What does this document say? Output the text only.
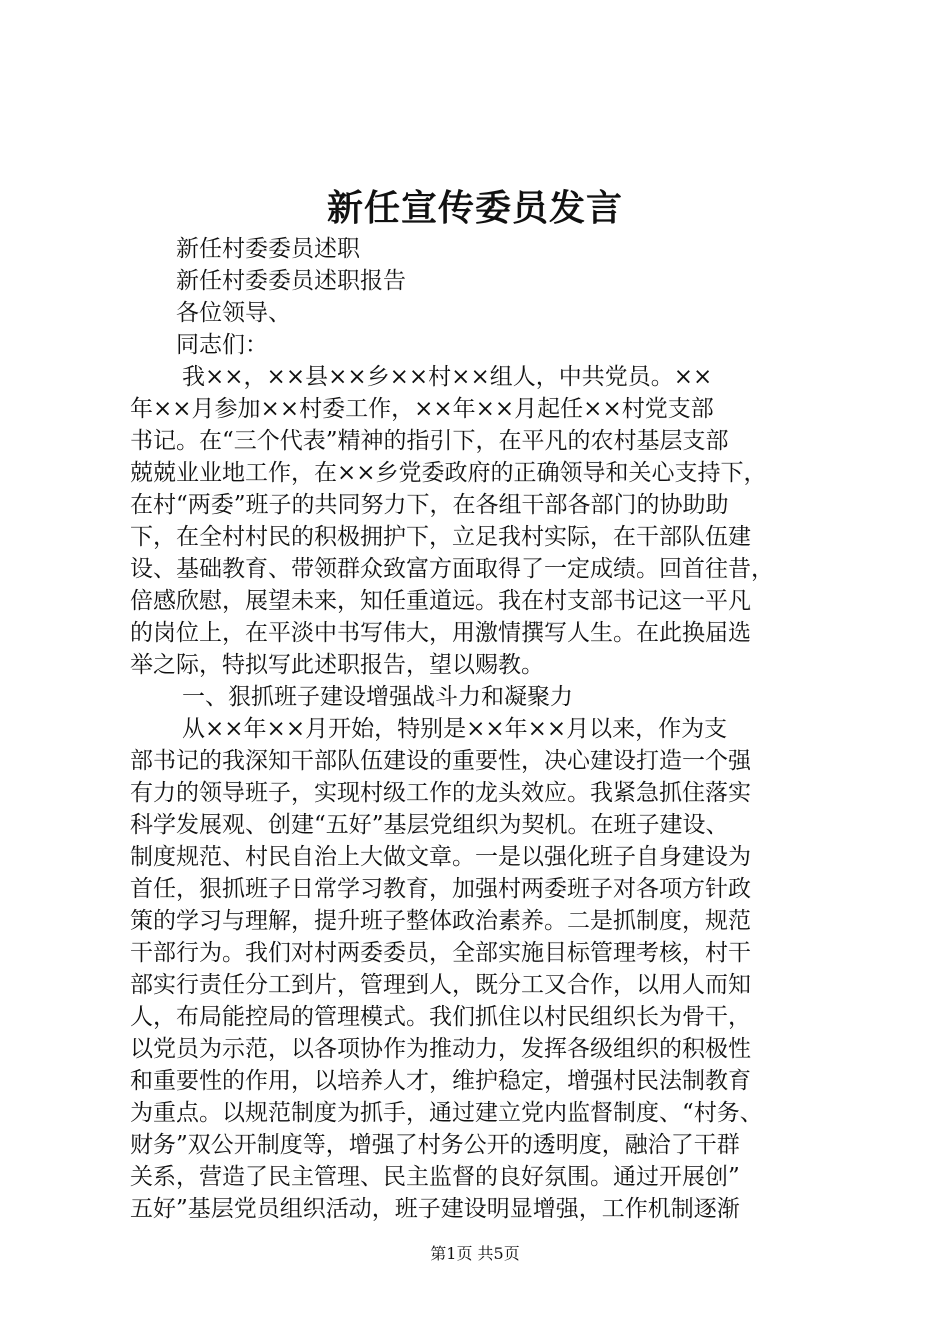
新任宣传委员发言
新任村委委员述职
新任村委委员述职报告
各位领导、
同志们：
我××，××县××乡××村××组人，中共党员。××
年××月参加××村委工作，××年××月起任××村党支部
书记。在“三个代表”精神的指引下，在平凡的农村基层支部
兢兢业业地工作，在××乡党委政府的正确领导和关心支持下，
在村“两委”班子的共同努力下，在各组干部各部门的协助助
下，在全村村民的积极拥护下，立足我村实际，在干部队伍建
设、基础教育、带领群众致富方面取得了一定成绩。回首往昔，
倍感欣慰，展望未来，知任重道远。我在村支部书记这一平凡
的岗位上，在平淡中书写伟大，用激情撰写人生。在此换届选
举之际，特拟写此述职报告，望以赐教。
一、狠抓班子建设增强战斗力和凝聚力
从××年××月开始，特别是××年××月以来，作为支
部书记的我深知干部队伍建设的重要性，决心建设打造一个强
有力的领导班子，实现村级工作的龙头效应。我紧急抓住落实
科学发展观、创建“五好”基层党组织为契机。在班子建设、
制度规范、村民自治上大做文章。一是以强化班子自身建设为
首任，狠抓班子日常学习教育，加强村两委班子对各项方针政
策的学习与理解，提升班子整体政治素养。二是抓制度，规范
干部行为。我们对村两委委员，全部实施目标管理考核，村干
部实行责任分工到片，管理到人，既分工又合作，以用人而知
人，布局能控局的管理模式。我们抓住以村民组织长为骨干，
以党员为示范，以各项协作为推动力，发挥各级组织的积极性
和重要性的作用，以培养人才，维护稳定，增强村民法制教育
为重点。以规范制度为抓手，通过建立党内监督制度、“村务、
财务”双公开制度等，增强了村务公开的透明度，融洽了干群
关系，营造了民主管理、民主监督的良好氛围。通过开展创”
五好”基层党员组织活动，班子建设明显增强，工作机制逐渐
第1页 共5页
